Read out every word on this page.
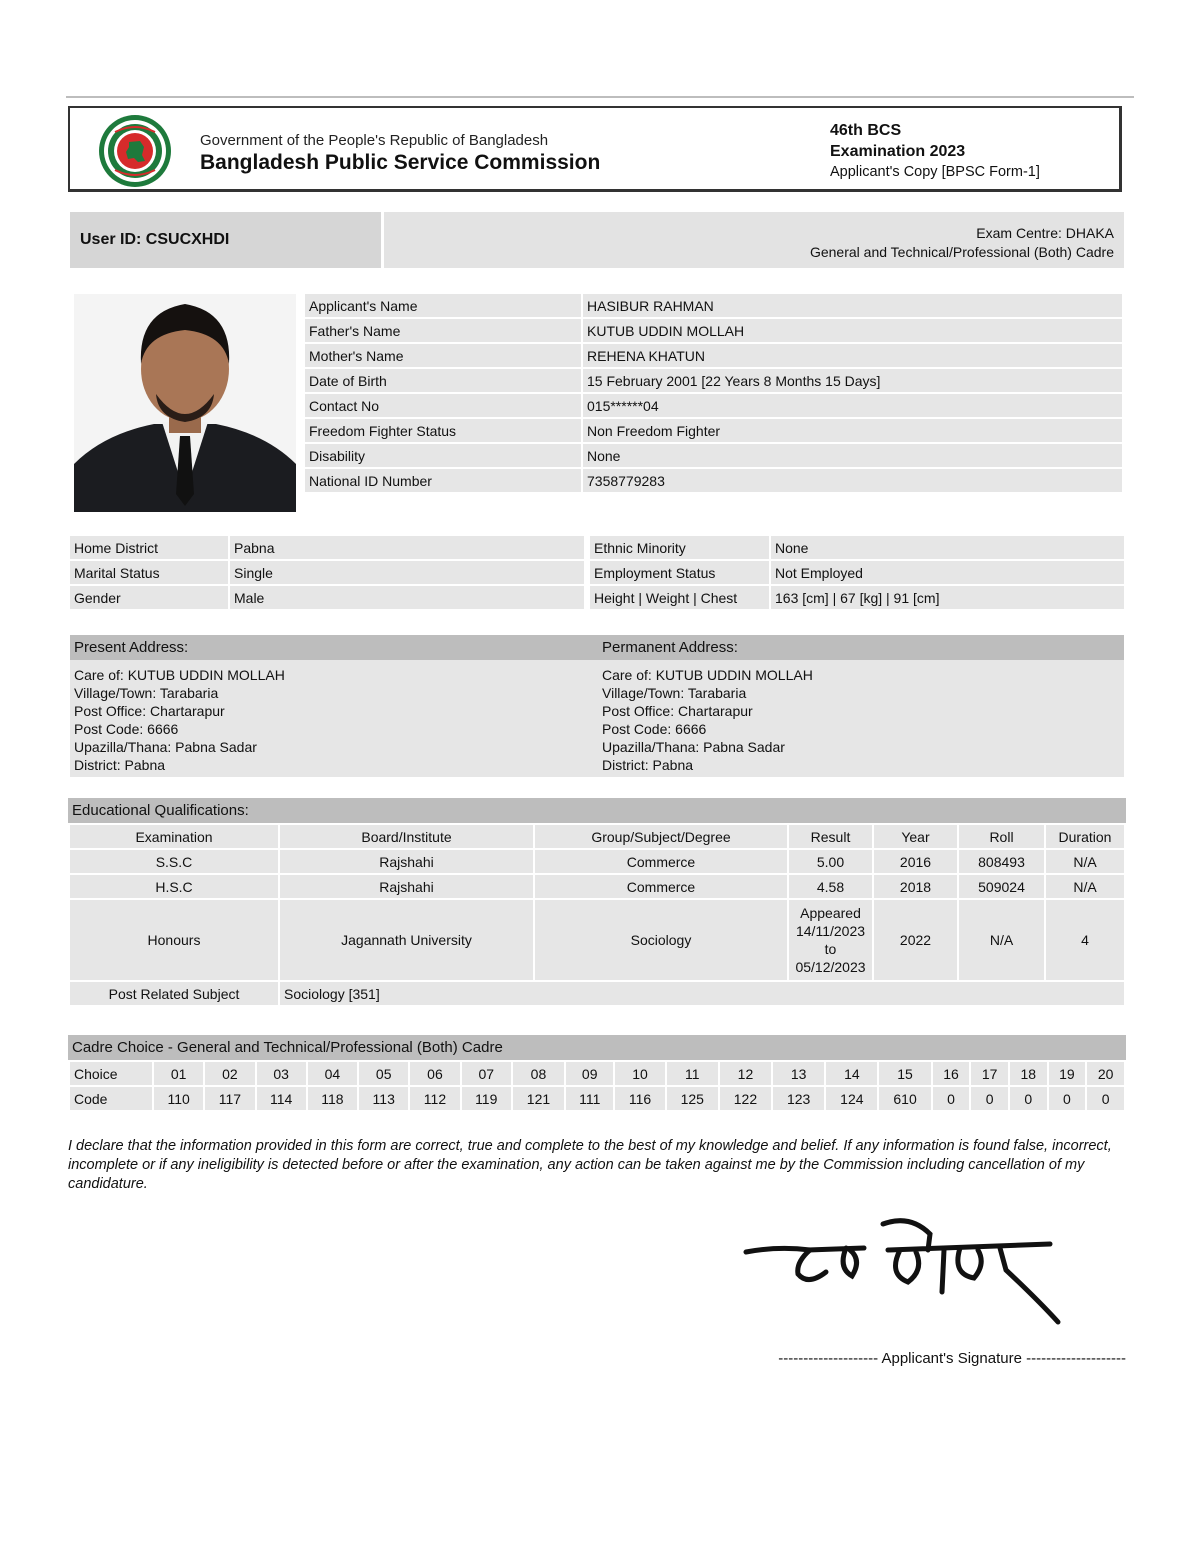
Government of the People's Republic of Bangladesh
Bangladesh Public Service Commission
46th BCS
Examination 2023
Applicant's Copy [BPSC Form-1]
User ID: CSUCXHDI	Exam Centre: DHAKA
General and Technical/Professional (Both) Cadre
Applicant's Name	HASIBUR RAHMAN
Father's Name	KUTUB UDDIN MOLLAH
Mother's Name	REHENA KHATUN
Date of Birth	15 February 2001 [22 Years 8 Months 15 Days]
Contact No	015******04
Freedom Fighter Status	Non Freedom Fighter
Disability	None
National ID Number	7358779283
Home District	Pabna		Ethnic Minority	None
Marital Status	Single		Employment Status	Not Employed
Gender	Male		Height | Weight | Chest	163 [cm] | 67 [kg] | 91 [cm]
Present Address:	Permanent Address:
Care of: KUTUB UDDIN MOLLAH
Village/Town: Tarabaria
Post Office: Chartarapur
Post Code: 6666
Upazilla/Thana: Pabna Sadar
District: Pabna
Care of: KUTUB UDDIN MOLLAH
Village/Town: Tarabaria
Post Office: Chartarapur
Post Code: 6666
Upazilla/Thana: Pabna Sadar
District: Pabna
Educational Qualifications:
Examination	Board/Institute	Group/Subject/Degree	Result	Year	Roll	Duration
S.S.C	Rajshahi	Commerce	5.00	2016	808493	N/A
H.S.C	Rajshahi	Commerce	4.58	2018	509024	N/A
Honours	Jagannath University	Sociology	Appeared
14/11/2023
to
05/12/2023	2022	N/A	4
Post Related Subject	Sociology [351]					
Cadre Choice - General and Technical/Professional (Both) Cadre
Choice	01	02	03	04	05	06	07	08	09	10	11	12	13	14	15	16	17	18	19	20
Code	110	117	114	118	113	112	119	121	111	116	125	122	123	124	610	0	0	0	0	0
I declare that the information provided in this form are correct, true and complete to the best of my knowledge and belief. If any information is found false, incorrect, incomplete or if any ineligibility is detected before or after the examination, any action can be taken against me by the Commission including cancellation of my candidature.
-------------------- Applicant's Signature --------------------
